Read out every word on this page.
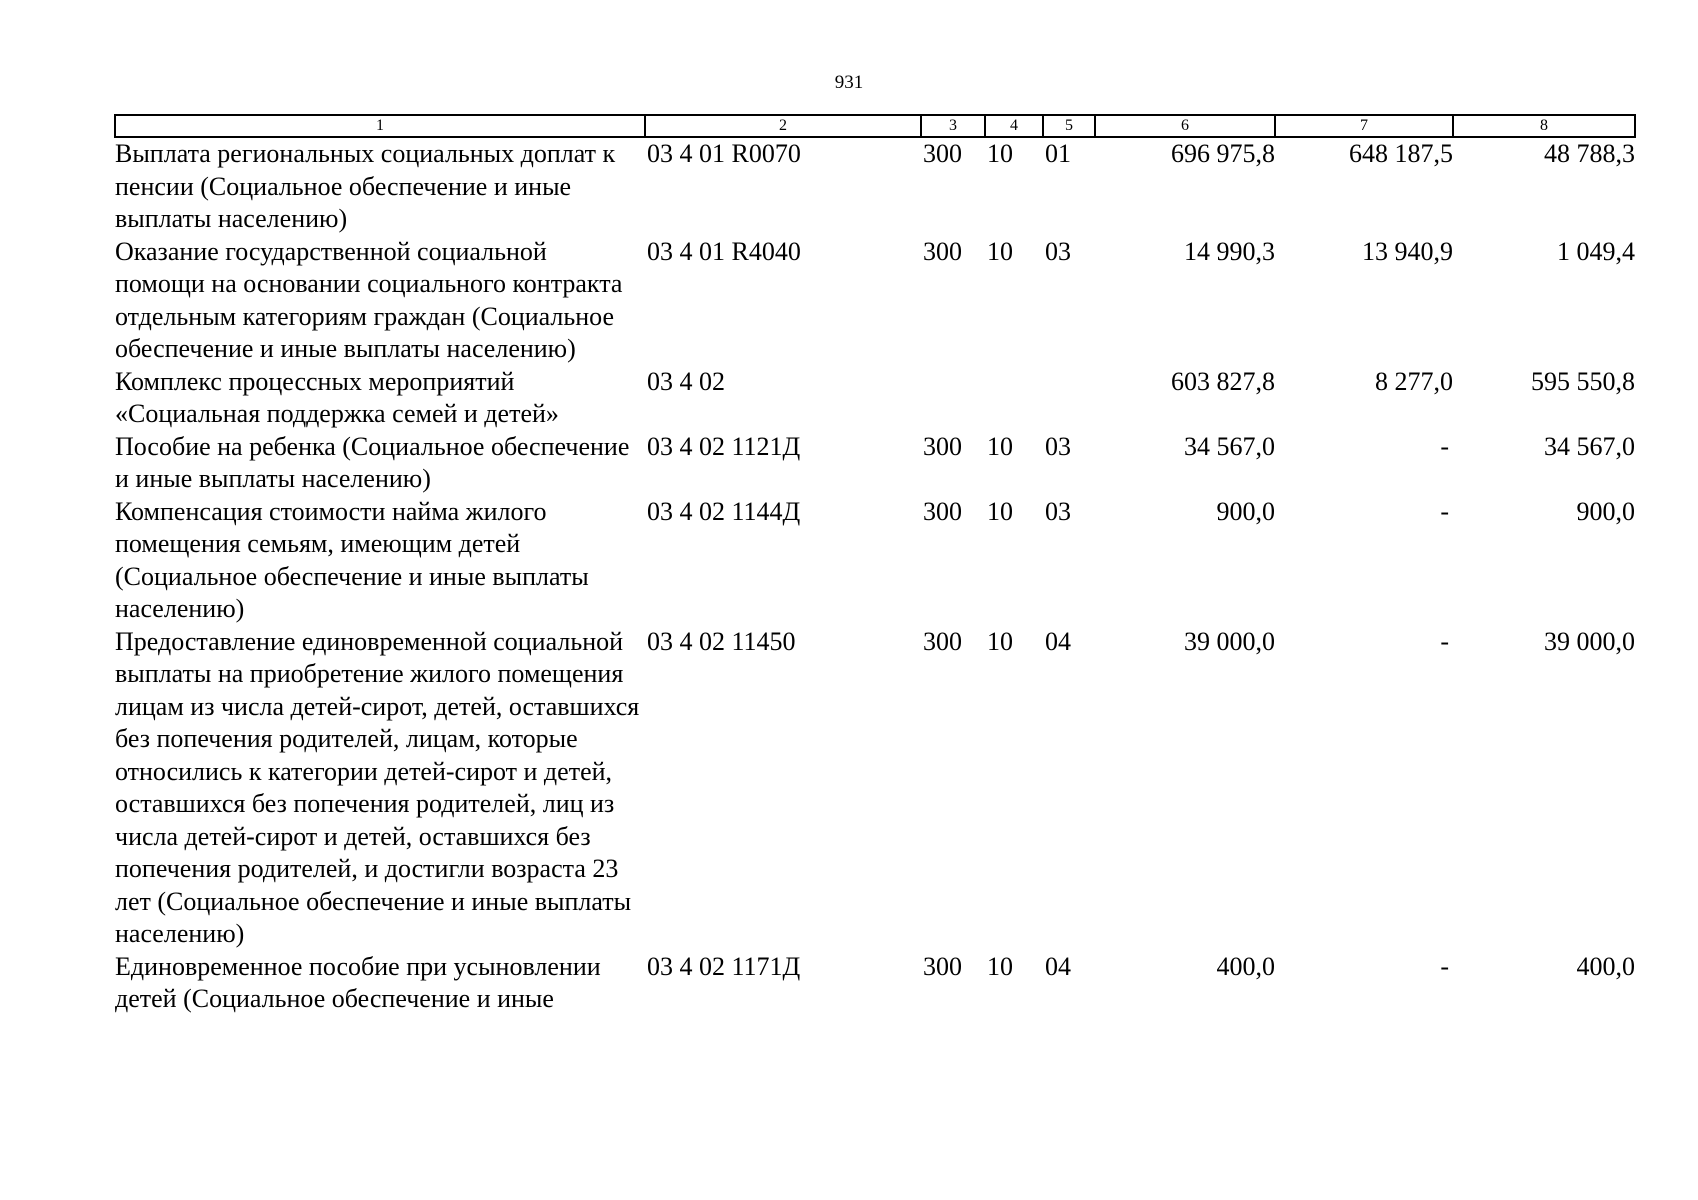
931
1	2	3	4	5	6	7	8
Выплата региональных социальных доплат к пенсии (Социальное обеспечение и иные выплаты населению)	03 4 01 R0070	300	10	01	696 975,8	648 187,5	48 788,3
Оказание государственной социальной помощи на основании социального контракта отдельным категориям граждан (Социальное обеспечение и иные выплаты населению)	03 4 01 R4040	300	10	03	14 990,3	13 940,9	1 049,4
Комплекс процессных мероприятий «Социальная поддержка семей и детей»	03 4 02				603 827,8	8 277,0	595 550,8
Пособие на ребенка (Социальное обеспечение и иные выплаты населению)	03 4 02 1121Д	300	10	03	34 567,0	-	34 567,0
Компенсация стоимости найма жилого помещения семьям, имеющим детей (Социальное обеспечение и иные выплаты населению)	03 4 02 1144Д	300	10	03	900,0	-	900,0
Предоставление единовременной социальной выплаты на приобретение жилого помещения лицам из числа детей-сирот, детей, оставшихся без попечения родителей, лицам, которые относились к категории детей-сирот и детей, оставшихся без попечения родителей, лиц из числа детей-сирот и детей, оставшихся без попечения родителей, и достигли возраста 23 лет (Социальное обеспечение и иные выплаты населению)	03 4 02 11450	300	10	04	39 000,0	-	39 000,0
Единовременное пособие при усыновлении детей (Социальное обеспечение и иные	03 4 02 1171Д	300	10	04	400,0	-	400,0
